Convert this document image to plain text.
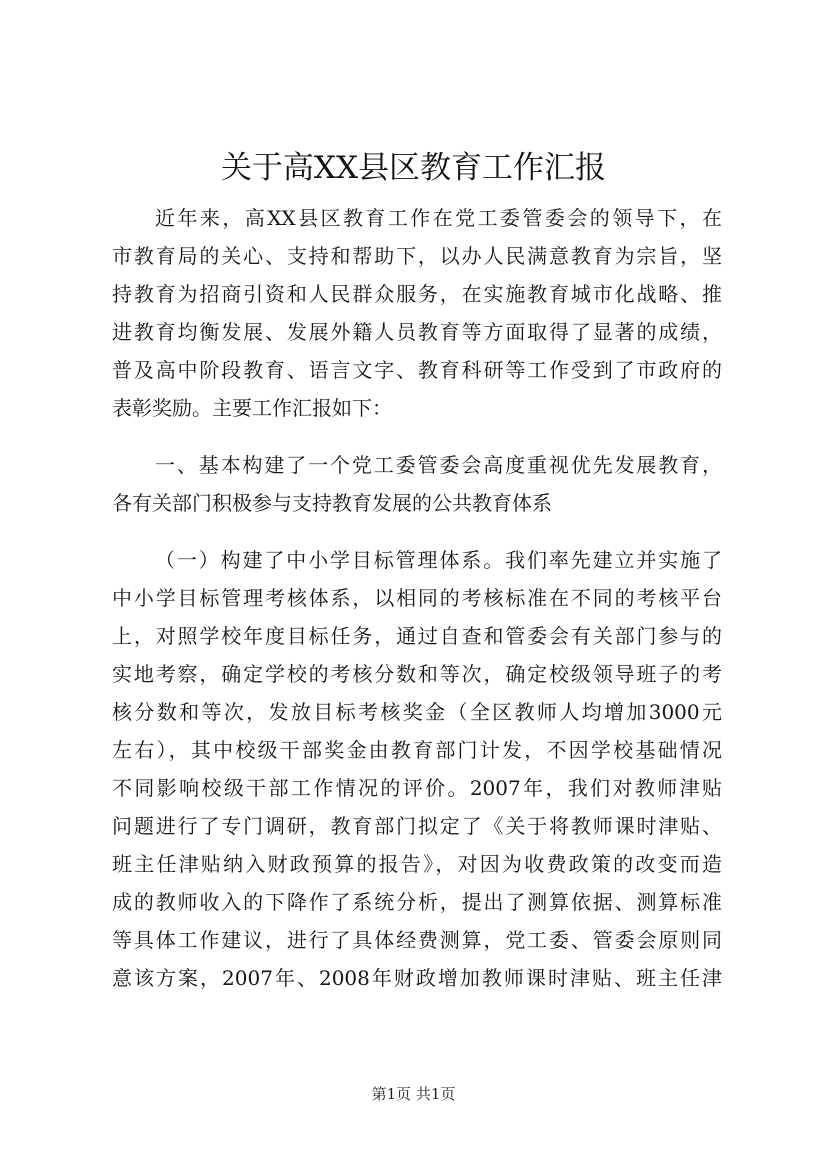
关于高XX县区教育工作汇报
近年来，高XX县区教育工作在党工委管委会的领导下，在
市教育局的关心、支持和帮助下，以办人民满意教育为宗旨，坚
持教育为招商引资和人民群众服务，在实施教育城市化战略、推
进教育均衡发展、发展外籍人员教育等方面取得了显著的成绩，
普及高中阶段教育、语言文字、教育科研等工作受到了市政府的
表彰奖励。主要工作汇报如下：
一、基本构建了一个党工委管委会高度重视优先发展教育，
各有关部门积极参与支持教育发展的公共教育体系
（一）构建了中小学目标管理体系。我们率先建立并实施了
中小学目标管理考核体系，以相同的考核标准在不同的考核平台
上，对照学校年度目标任务，通过自查和管委会有关部门参与的
实地考察，确定学校的考核分数和等次，确定校级领导班子的考
核分数和等次，发放目标考核奖金（全区教师人均增加3000元
左右），其中校级干部奖金由教育部门计发，不因学校基础情况
不同影响校级干部工作情况的评价。2007年，我们对教师津贴
问题进行了专门调研，教育部门拟定了《关于将教师课时津贴、
班主任津贴纳入财政预算的报告》，对因为收费政策的改变而造
成的教师收入的下降作了系统分析，提出了测算依据、测算标准
等具体工作建议，进行了具体经费测算，党工委、管委会原则同
意该方案，2007年、2008年财政增加教师课时津贴、班主任津
第1页 共1页
